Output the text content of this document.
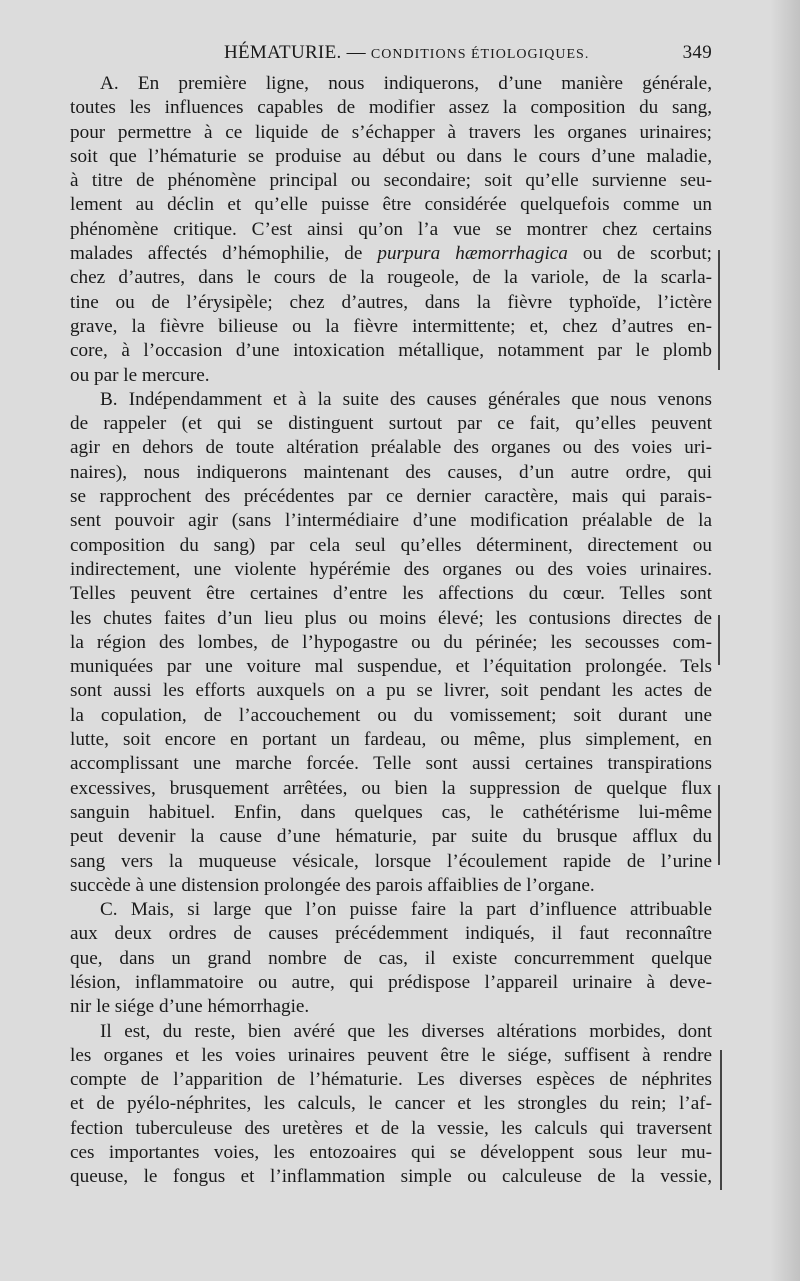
HÉMATURIE. — CONDITIONS ÉTIOLOGIQUES.	349
A. En première ligne, nous indiquerons, d’une manière générale,
toutes les influences capables de modifier assez la composition du sang,
pour permettre à ce liquide de s’échapper à travers les organes urinaires;
soit que l’hématurie se produise au début ou dans le cours d’une maladie,
à titre de phénomène principal ou secondaire; soit qu’elle survienne seu-
lement au déclin et qu’elle puisse être considérée quelquefois comme un
phénomène critique. C’est ainsi qu’on l’a vue se montrer chez certains
malades affectés d’hémophilie, de purpura hæmorrhagica ou de scorbut;
chez d’autres, dans le cours de la rougeole, de la variole, de la scarla-
tine ou de l’érysipèle; chez d’autres, dans la fièvre typhoïde, l’ictère
grave, la fièvre bilieuse ou la fièvre intermittente; et, chez d’autres en-
core, à l’occasion d’une intoxication métallique, notamment par le plomb
ou par le mercure.
B. Indépendamment et à la suite des causes générales que nous venons
de rappeler (et qui se distinguent surtout par ce fait, qu’elles peuvent
agir en dehors de toute altération préalable des organes ou des voies uri-
naires), nous indiquerons maintenant des causes, d’un autre ordre, qui
se rapprochent des précédentes par ce dernier caractère, mais qui parais-
sent pouvoir agir (sans l’intermédiaire d’une modification préalable de la
composition du sang) par cela seul qu’elles déterminent, directement ou
indirectement, une violente hypérémie des organes ou des voies urinaires.
Telles peuvent être certaines d’entre les affections du cœur. Telles sont
les chutes faites d’un lieu plus ou moins élevé; les contusions directes de
la région des lombes, de l’hypogastre ou du périnée; les secousses com-
muniquées par une voiture mal suspendue, et l’équitation prolongée. Tels
sont aussi les efforts auxquels on a pu se livrer, soit pendant les actes de
la copulation, de l’accouchement ou du vomissement; soit durant une
lutte, soit encore en portant un fardeau, ou même, plus simplement, en
accomplissant une marche forcée. Telle sont aussi certaines transpirations
excessives, brusquement arrêtées, ou bien la suppression de quelque flux
sanguin habituel. Enfin, dans quelques cas, le cathétérisme lui-même
peut devenir la cause d’une hématurie, par suite du brusque afflux du
sang vers la muqueuse vésicale, lorsque l’écoulement rapide de l’urine
succède à une distension prolongée des parois affaiblies de l’organe.
C. Mais, si large que l’on puisse faire la part d’influence attribuable
aux deux ordres de causes précédemment indiqués, il faut reconnaître
que, dans un grand nombre de cas, il existe concurremment quelque
lésion, inflammatoire ou autre, qui prédispose l’appareil urinaire à deve-
nir le siége d’une hémorrhagie.
Il est, du reste, bien avéré que les diverses altérations morbides, dont
les organes et les voies urinaires peuvent être le siége, suffisent à rendre
compte de l’apparition de l’hématurie. Les diverses espèces de néphrites
et de pyélo-néphrites, les calculs, le cancer et les strongles du rein; l’af-
fection tuberculeuse des uretères et de la vessie, les calculs qui traversent
ces importantes voies, les entozoaires qui se développent sous leur mu-
queuse, le fongus et l’inflammation simple ou calculeuse de la vessie,
